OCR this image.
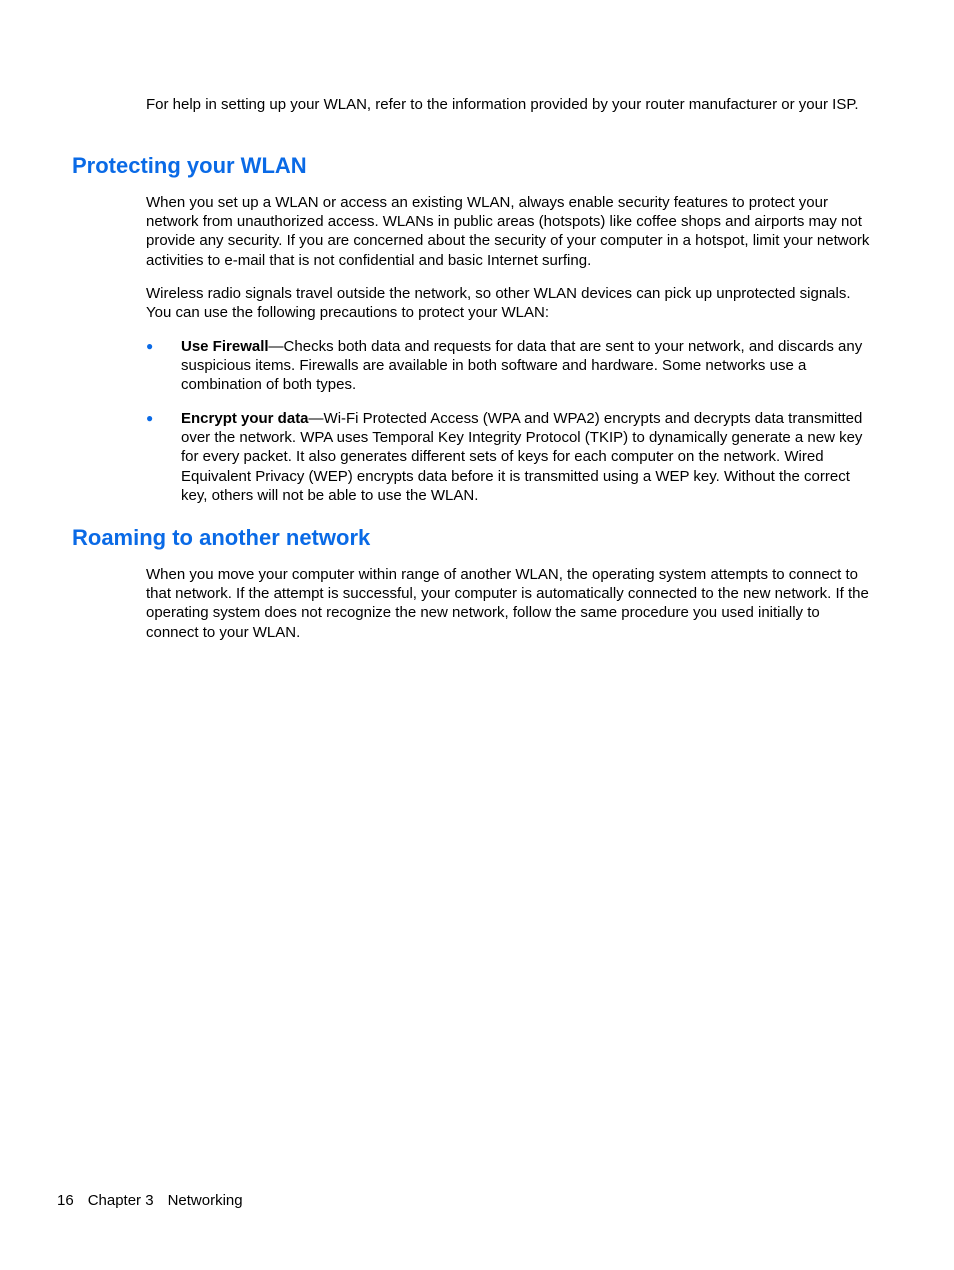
For help in setting up your WLAN, refer to the information provided by your router manufacturer or your ISP.

Protecting your WLAN

When you set up a WLAN or access an existing WLAN, always enable security features to protect your network from unauthorized access. WLANs in public areas (hotspots) like coffee shops and airports may not provide any security. If you are concerned about the security of your computer in a hotspot, limit your network activities to e-mail that is not confidential and basic Internet surfing.

Wireless radio signals travel outside the network, so other WLAN devices can pick up unprotected signals. You can use the following precautions to protect your WLAN:

● Use Firewall—Checks both data and requests for data that are sent to your network, and discards any suspicious items. Firewalls are available in both software and hardware. Some networks use a combination of both types.

● Encrypt your data—Wi-Fi Protected Access (WPA and WPA2) encrypts and decrypts data transmitted over the network. WPA uses Temporal Key Integrity Protocol (TKIP) to dynamically generate a new key for every packet. It also generates different sets of keys for each computer on the network. Wired Equivalent Privacy (WEP) encrypts data before it is transmitted using a WEP key. Without the correct key, others will not be able to use the WLAN.

Roaming to another network

When you move your computer within range of another WLAN, the operating system attempts to connect to that network. If the attempt is successful, your computer is automatically connected to the new network. If the operating system does not recognize the new network, follow the same procedure you used initially to connect to your WLAN.

16 Chapter 3 Networking
